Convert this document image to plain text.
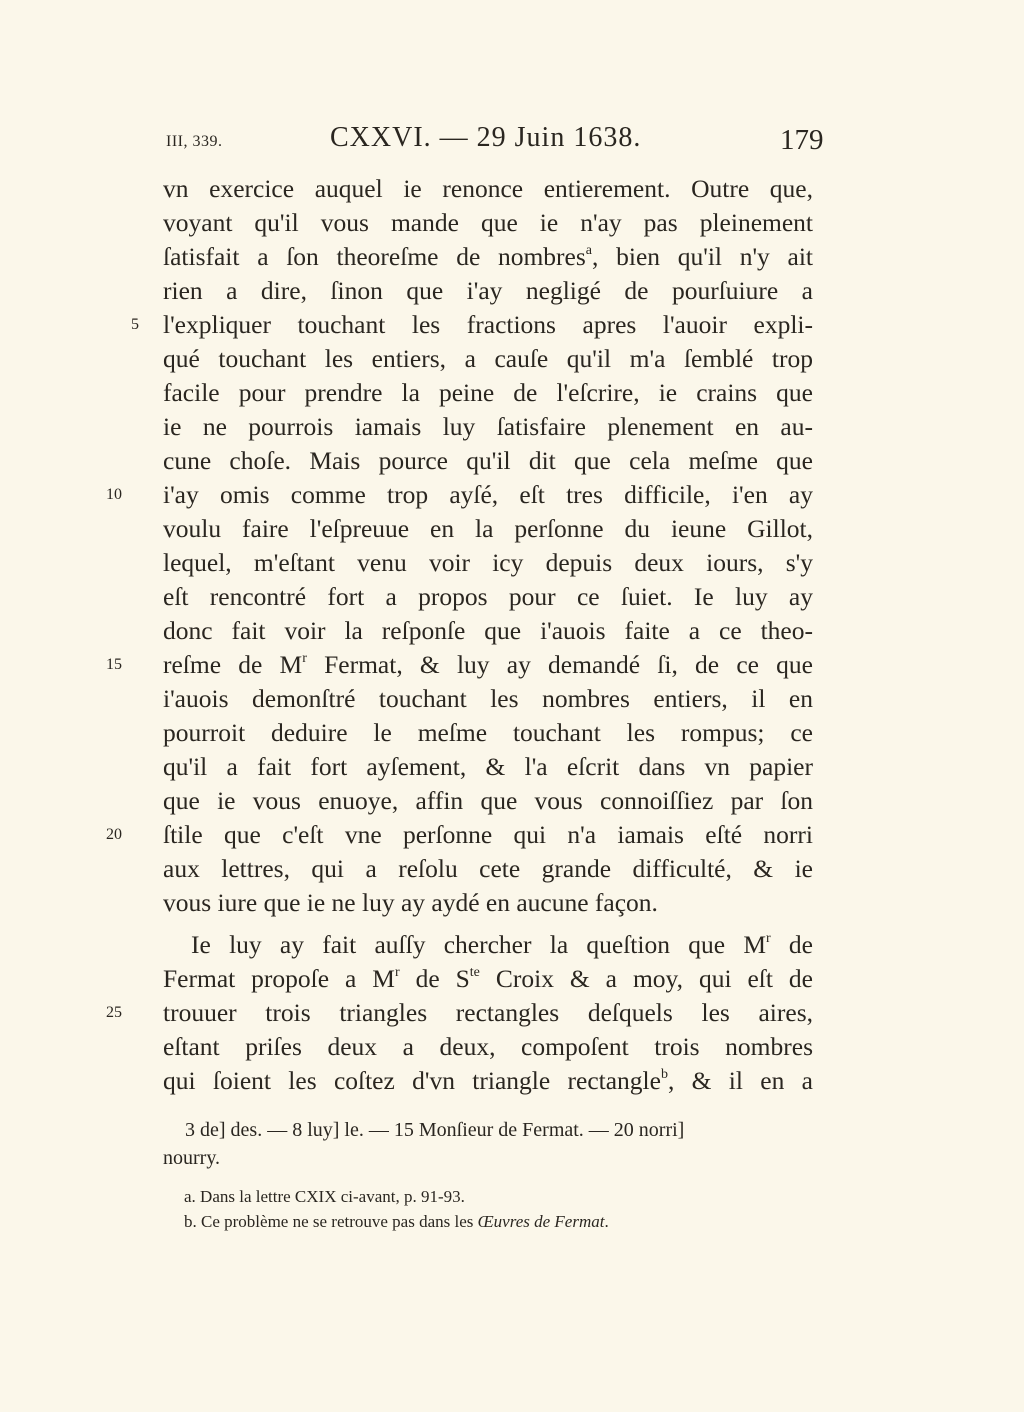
III, 339.	CXXVI. — 29 Juin 1638.	179
vn exercice auquel ie renonce entierement. Outre que,
voyant qu'il vous mande que ie n'ay pas pleinement
ſatisfait a ſon theoreſme de nombres$^a$, bien qu'il n'y ait
rien a dire, ſinon que i'ay negligé de pourſuiure a
l'expliquer touchant les fractions apres l'auoir expli-
5
qué touchant les entiers, a cauſe qu'il m'a ſemblé trop
facile pour prendre la peine de l'eſcrire, ie crains que
ie ne pourrois iamais luy ſatisfaire plenement en au-
cune choſe. Mais pource qu'il dit que cela meſme que
i'ay omis comme trop ayſé, eſt tres difficile, i'en ay
10
voulu faire l'eſpreuue en la perſonne du ieune Gillot,
lequel, m'eſtant venu voir icy depuis deux iours, s'y
eſt rencontré fort a propos pour ce ſuiet. Ie luy ay
donc fait voir la reſponſe que i'auois faite a ce theo-
reſme de $M^r$ Fermat, & luy ay demandé ſi, de ce que
15
i'auois demonſtré touchant les nombres entiers, il en
pourroit deduire le meſme touchant les rompus; ce
qu'il a fait fort ayſement, & l'a eſcrit dans vn papier
que ie vous enuoye, affin que vous connoiſſiez par ſon
ſtile que c'eſt vne perſonne qui n'a iamais eſté norri
20
aux lettres, qui a reſolu cete grande difficulté, & ie
vous iure que ie ne luy ay aydé en aucune façon.
Ie luy ay fait auſſy chercher la queſtion que $M^r$ de
Fermat propoſe a $M^r$ de $S^{te}$ Croix & a moy, qui eſt de
trouuer trois triangles rectangles deſquels les aires,
25
eſtant priſes deux a deux, compoſent trois nombres
qui ſoient les coſtez d'vn triangle rectangle$^b$, & il en a
3 de] des. — 8 luy] le. — 15 Monſieur de Fermat. — 20 norri]
nourry.
a. Dans la lettre CXIX ci-avant, p. 91-93.
b. Ce problème ne se retrouve pas dans les Œuvres de Fermat.
